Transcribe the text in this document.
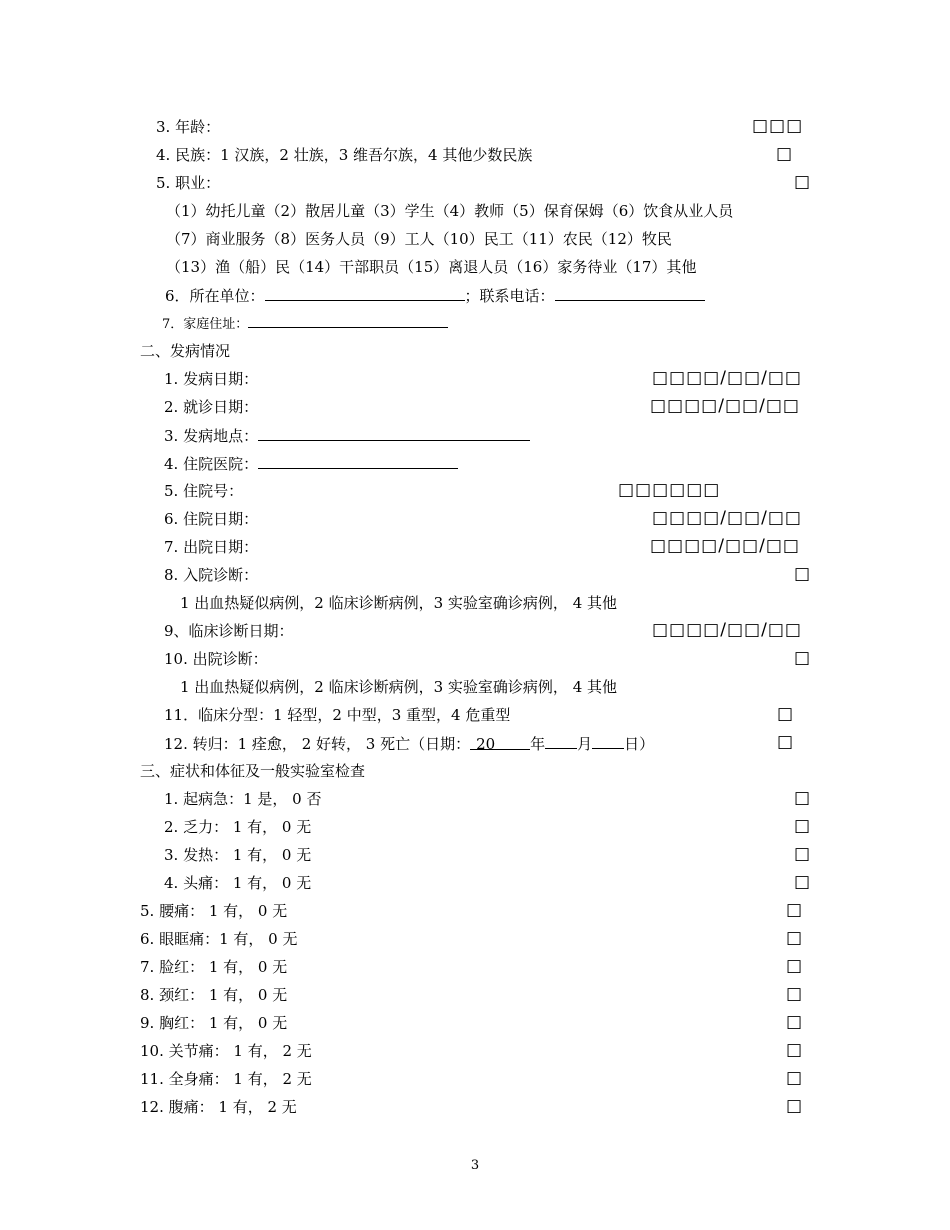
3. 年龄：	□□□
4. 民族：1 汉族，2 壮族，3 维吾尔族，4 其他少数民族	□
5. 职业：	□
（1）幼托儿童（2）散居儿童（3）学生（4）教师（5）保育保姆（6）饮食从业人员
（7）商业服务（8）医务人员（9）工人（10）民工（11）农民（12）牧民
（13）渔（船）民（14）干部职员（15）离退人员（16）家务待业（17）其他
6．所在单位：	；联系电话：
7．家庭住址：
二、发病情况
1. 发病日期：	□□□□/□□/□□
2. 就诊日期：	□□□□/□□/□□
3. 发病地点：
4. 住院医院：
5. 住院号：	□□□□□□
6. 住院日期：	□□□□/□□/□□
7. 出院日期：	□□□□/□□/□□
8. 入院诊断：	□
1 出血热疑似病例，2 临床诊断病例，3 实验室确诊病例， 4 其他
9、临床诊断日期：	□□□□/□□/□□
10. 出院诊断：	□
1 出血热疑似病例，2 临床诊断病例，3 实验室确诊病例， 4 其他
11．临床分型：1 轻型，2 中型，3 重型，4 危重型	□
12. 转归：1 痊愈， 2 好转， 3 死亡（日期： 20 年 月 日）	□
三、症状和体征及一般实验室检查
1. 起病急：1 是， 0 否	□
2. 乏力： 1 有， 0 无	□
3. 发热： 1 有， 0 无	□
4. 头痛： 1 有， 0 无	□
5. 腰痛： 1 有， 0 无	□
6. 眼眶痛：1 有， 0 无	□
7. 脸红： 1 有， 0 无	□
8. 颈红： 1 有， 0 无	□
9. 胸红： 1 有， 0 无	□
10. 关节痛： 1 有， 2 无	□
11. 全身痛： 1 有， 2 无	□
12. 腹痛： 1 有， 2 无	□
3
